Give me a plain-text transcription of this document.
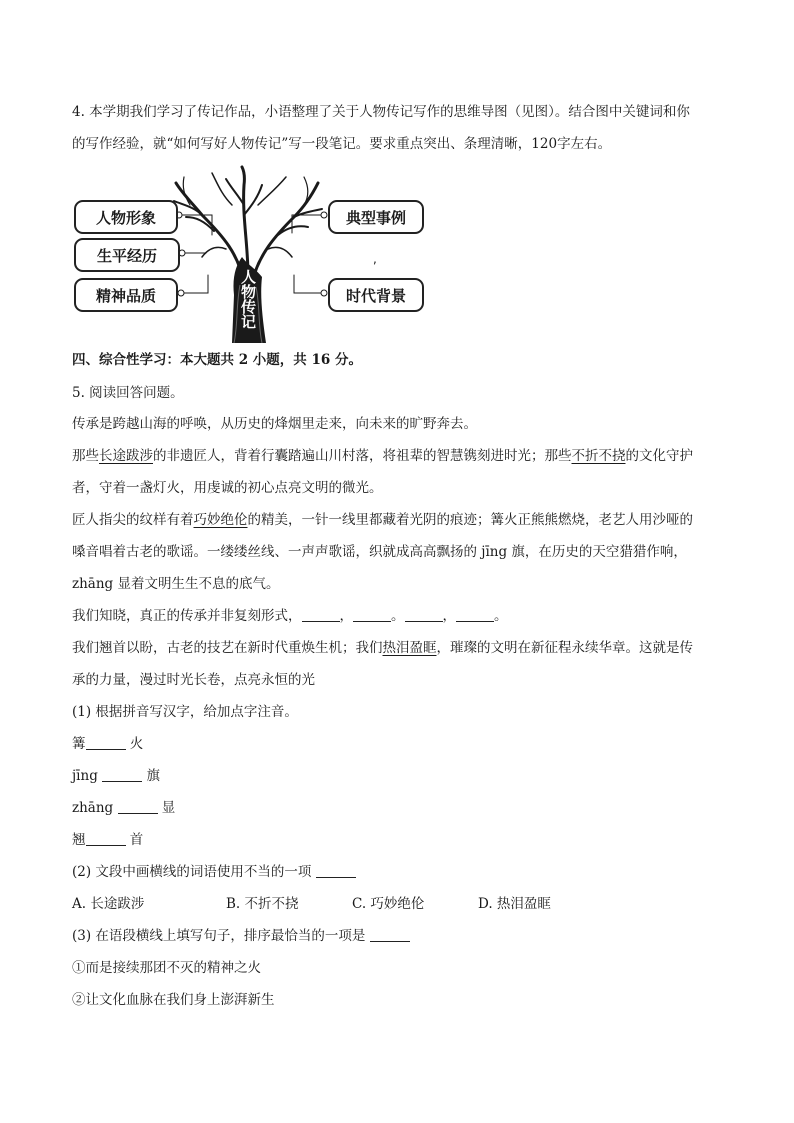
4. 本学期我们学习了传记作品，小语整理了关于人物传记写作的思维导图（见图）。结合图中关键词和你
的写作经验，就“如何写好人物传记”写一段笔记。要求重点突出、条理清晰，120字左右。
,
人物形象
生平经历
精神品质
典型事例
时代背景
人物传记
四、综合性学习：本大题共 2 小题，共 16 分。
5. 阅读回答问题。
传承是跨越山海的呼唤，从历史的烽烟里走来，向未来的旷野奔去。
那些长途跋涉的非遗匠人，背着行囊踏遍山川村落，将祖辈的智慧镌刻进时光；那些不折不挠的文化守护
者，守着一盏灯火，用虔诚的初心点亮文明的微光。
匠人指尖的纹样有着巧妙绝伦的精美，一针一线里都藏着光阴的痕迹；篝火正熊熊燃烧，老艺人用沙哑的
嗓音唱着古老的歌谣。一缕缕丝线、一声声歌谣，织就成高高飘扬的 jīng 旗，在历史的天空猎猎作响，
zhāng 显着文明生生不息的底气。
我们知晓，真正的传承并非复刻形式，	，	。	，	。
我们翘首以盼，古老的技艺在新时代重焕生机；我们热泪盈眶，璀璨的文明在新征程永续华章。这就是传
承的力量，漫过时光长卷，点亮永恒的光
(1) 根据拼音写汉字，给加点字注音。
篝	火
jīng	旗
zhāng	显
翘	首
(2) 文段中画横线的词语使用不当的一项
A. 长途跋涉	B. 不折不挠	C. 巧妙绝伦	D. 热泪盈眶
(3) 在语段横线上填写句子，排序最恰当的一项是
①而是接续那团不灭的精神之火
②让文化血脉在我们身上澎湃新生
